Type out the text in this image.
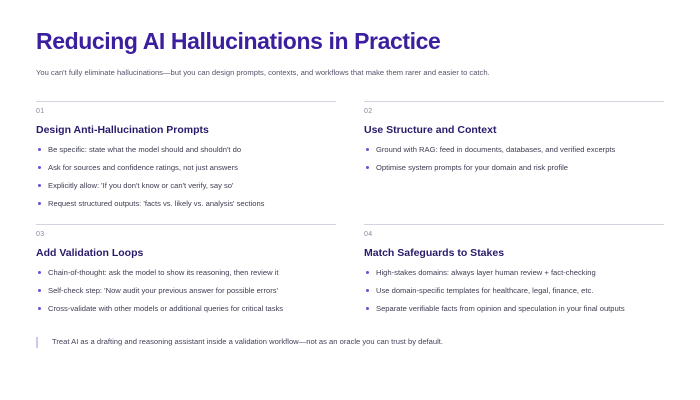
Reducing AI Hallucinations in Practice

You can't fully eliminate hallucinations—but you can design prompts, contexts, and workflows that make them rarer and easier to catch.

01
Design Anti-Hallucination Prompts
Be specific: state what the model should and shouldn't do
Ask for sources and confidence ratings, not just answers
Explicitly allow: 'If you don't know or can't verify, say so'
Request structured outputs: 'facts vs. likely vs. analysis' sections
02
Use Structure and Context
Ground with RAG: feed in documents, databases, and verified excerpts
Optimise system prompts for your domain and risk profile
03
Add Validation Loops
Chain-of-thought: ask the model to show its reasoning, then review it
Self-check step: 'Now audit your previous answer for possible errors'
Cross-validate with other models or additional queries for critical tasks
04
Match Safeguards to Stakes
High-stakes domains: always layer human review + fact-checking
Use domain-specific templates for healthcare, legal, finance, etc.
Separate verifiable facts from opinion and speculation in your final outputs
Treat AI as a drafting and reasoning assistant inside a validation workflow—not as an oracle you can trust by default.
